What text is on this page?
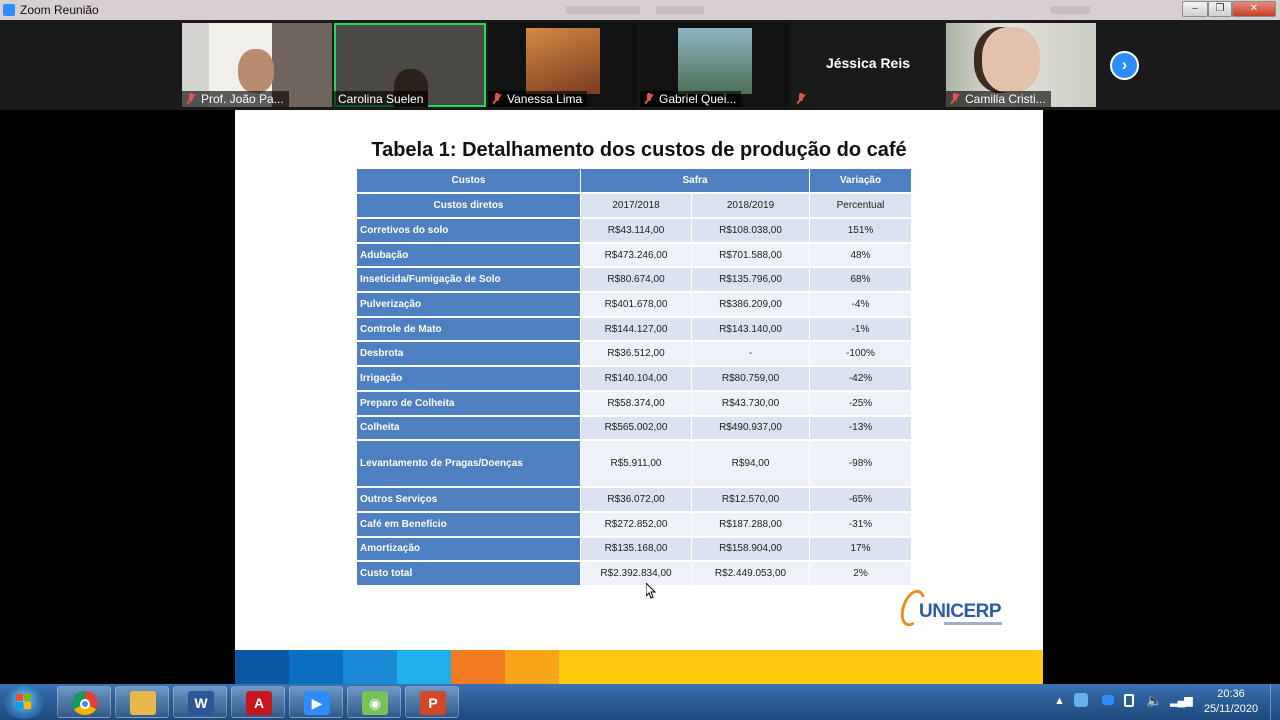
Zoom Reunião	–	❐	✕
Prof. João Pa...	Carolina Suelen	Vanessa Lima	Gabriel Quei...
Jéssica Reis
Camilla Cristi...
›
Tabela 1: Detalhamento dos custos de produção do café
Custos	Safra		Variação
Custos diretos	2017/2018	2018/2019	Percentual
Corretivos do solo	R$43.114,00	R$108.038,00	151%
Adubação	R$473.246,00	R$701.588,00	48%
Inseticida/Fumigação de Solo	R$80.674,00	R$135.796,00	68%
Pulverização	R$401.678,00	R$386.209,00	-4%
Controle de Mato	R$144.127,00	R$143.140,00	-1%
Desbrota	R$36.512,00	-	-100%
Irrigação	R$140.104,00	R$80.759,00	-42%
Preparo de Colheita	R$58.374,00	R$43.730,00	-25%
Colheita	R$565.002,00	R$490.937,00	-13%
Levantamento de Pragas/Doenças	R$5.911,00	R$94,00	-98%
Outros Serviços	R$36.072,00	R$12.570,00	-65%
Café em Benefício	R$272.852,00	R$187.288,00	-31%
Amortização	R$135.168,00	R$158.904,00	17%
Custo total	R$2.392.834,00	R$2.449.053,00	2%
UNICERP
W	A	▶	◉	P	▲	🔈 ▂▄▆
20:36
25/11/2020
